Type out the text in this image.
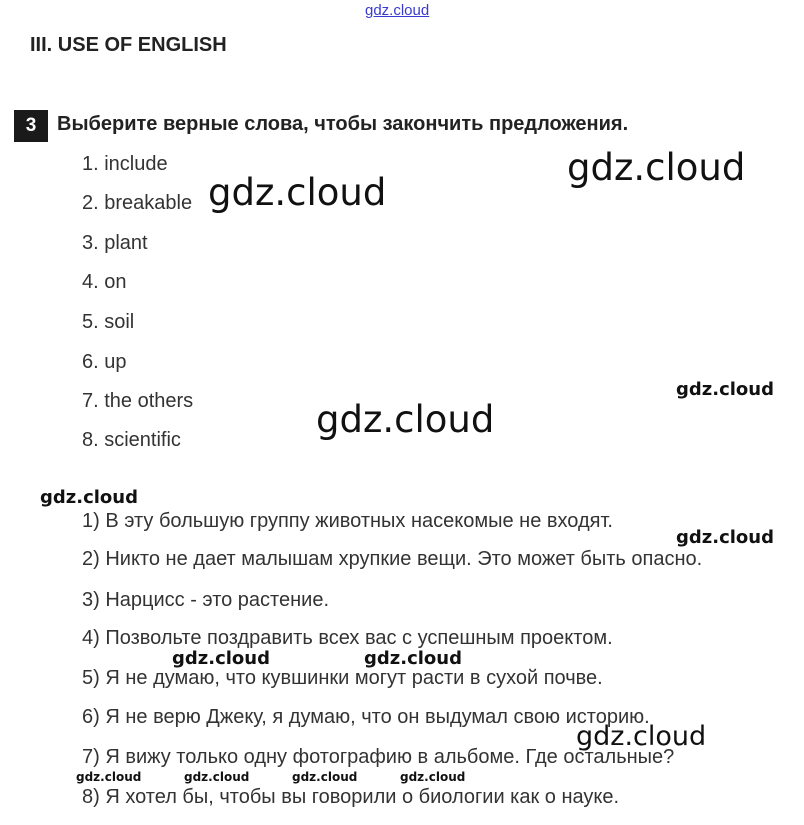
gdz.cloud
III. USE OF ENGLISH
3	Выберите верные слова, чтобы закончить предложения.
1. include
2. breakable
3. plant
4. on
5. soil
6. up
7. the others
8. scientific
1) В эту большую группу животных насекомые не входят.
2) Никто не дает малышам хрупкие вещи. Это может быть опасно.
3) Нарцисс - это растение.
4) Позвольте поздравить всех вас с успешным проектом.
5) Я не думаю, что кувшинки могут расти в сухой почве.
6) Я не верю Джеку, я думаю, что он выдумал свою историю.
7) Я вижу только одну фотографию в альбоме. Где остальные?
8) Я хотел бы, чтобы вы говорили о биологии как о науке.
gdz.cloud
gdz.cloud
gdz.cloud
gdz.cloud
gdz.cloud
gdz.cloud
gdz.cloud	gdz.cloud
gdz.cloud
gdz.cloud	gdz.cloud	gdz.cloud	gdz.cloud
